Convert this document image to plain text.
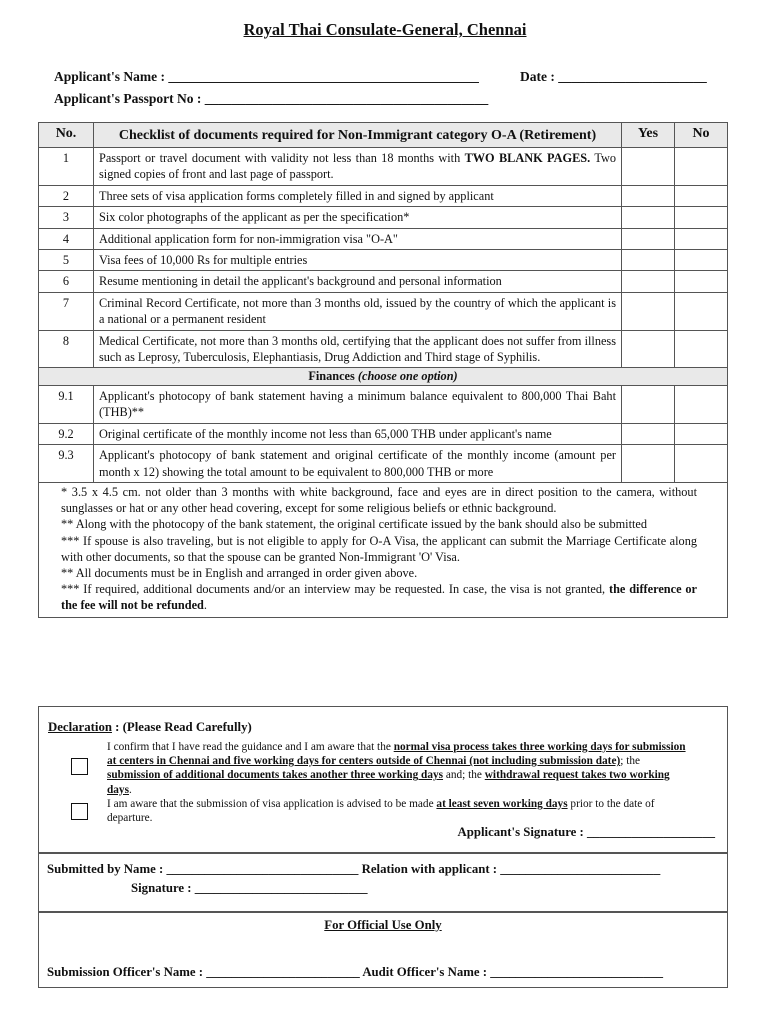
Royal Thai Consulate-General, Chennai
Applicant's Name : ______________________________________________	Date : ______________________
Applicant's Passport No : __________________________________________
No.	Checklist of documents required for Non-Immigrant category O-A (Retirement)	Yes	No
1	Passport or travel document with validity not less than 18 months with TWO BLANK PAGES. Two signed copies of front and last page of passport.		
2	Three sets of visa application forms completely filled in and signed by applicant		
3	Six color photographs of the applicant as per the specification*		
4	Additional application form for non-immigration visa "O-A"		
5	Visa fees of 10,000 Rs for multiple entries		
6	Resume mentioning in detail the applicant's background and personal information		
7	Criminal Record Certificate, not more than 3 months old, issued by the country of which the applicant is a national or a permanent resident		
8	Medical Certificate, not more than 3 months old, certifying that the applicant does not suffer from illness such as Leprosy, Tuberculosis, Elephantiasis, Drug Addiction and Third stage of Syphilis.		
Finances (choose one option)			
9.1	Applicant's photocopy of bank statement having a minimum balance equivalent to 800,000 Thai Baht (THB)**		
9.2	Original certificate of the monthly income not less than 65,000 THB under applicant's name		
9.3	Applicant's photocopy of bank statement and original certificate of the monthly income (amount per month x 12) showing the total amount to be equivalent to 800,000 THB or more		

* 3.5 x 4.5 cm. not older than 3 months with white background, face and eyes are in direct position to the camera, without sunglasses or hat or any other head covering, except for some religious beliefs or ethnic background.

** Along with the photocopy of the bank statement, the original certificate issued by the bank should also be submitted

*** If spouse is also traveling, but is not eligible to apply for O-A Visa, the applicant can submit the Marriage Certificate along with other documents, so that the spouse can be granted Non-Immigrant 'O' Visa.

** All documents must be in English and arranged in order given above.

*** If required, additional documents and/or an interview may be requested. In case, the visa is not granted, the difference or the fee will not be refunded.			

Declaration : (Please Read Carefully)
I confirm that I have read the guidance and I am aware that the normal visa process takes three working days for submission at centers in Chennai and five working days for centers outside of Chennai (not including submission date); the submission of additional documents takes another three working days and; the withdrawal request takes two working days.
I am aware that the submission of visa application is advised to be made at least seven working days prior to the date of departure.
Applicant's Signature : ____________________
Submitted by Name : ______________________________ Relation with applicant : _________________________
Signature : ___________________________
For Official Use Only
Submission Officer's Name : ________________________ Audit Officer's Name : ___________________________
